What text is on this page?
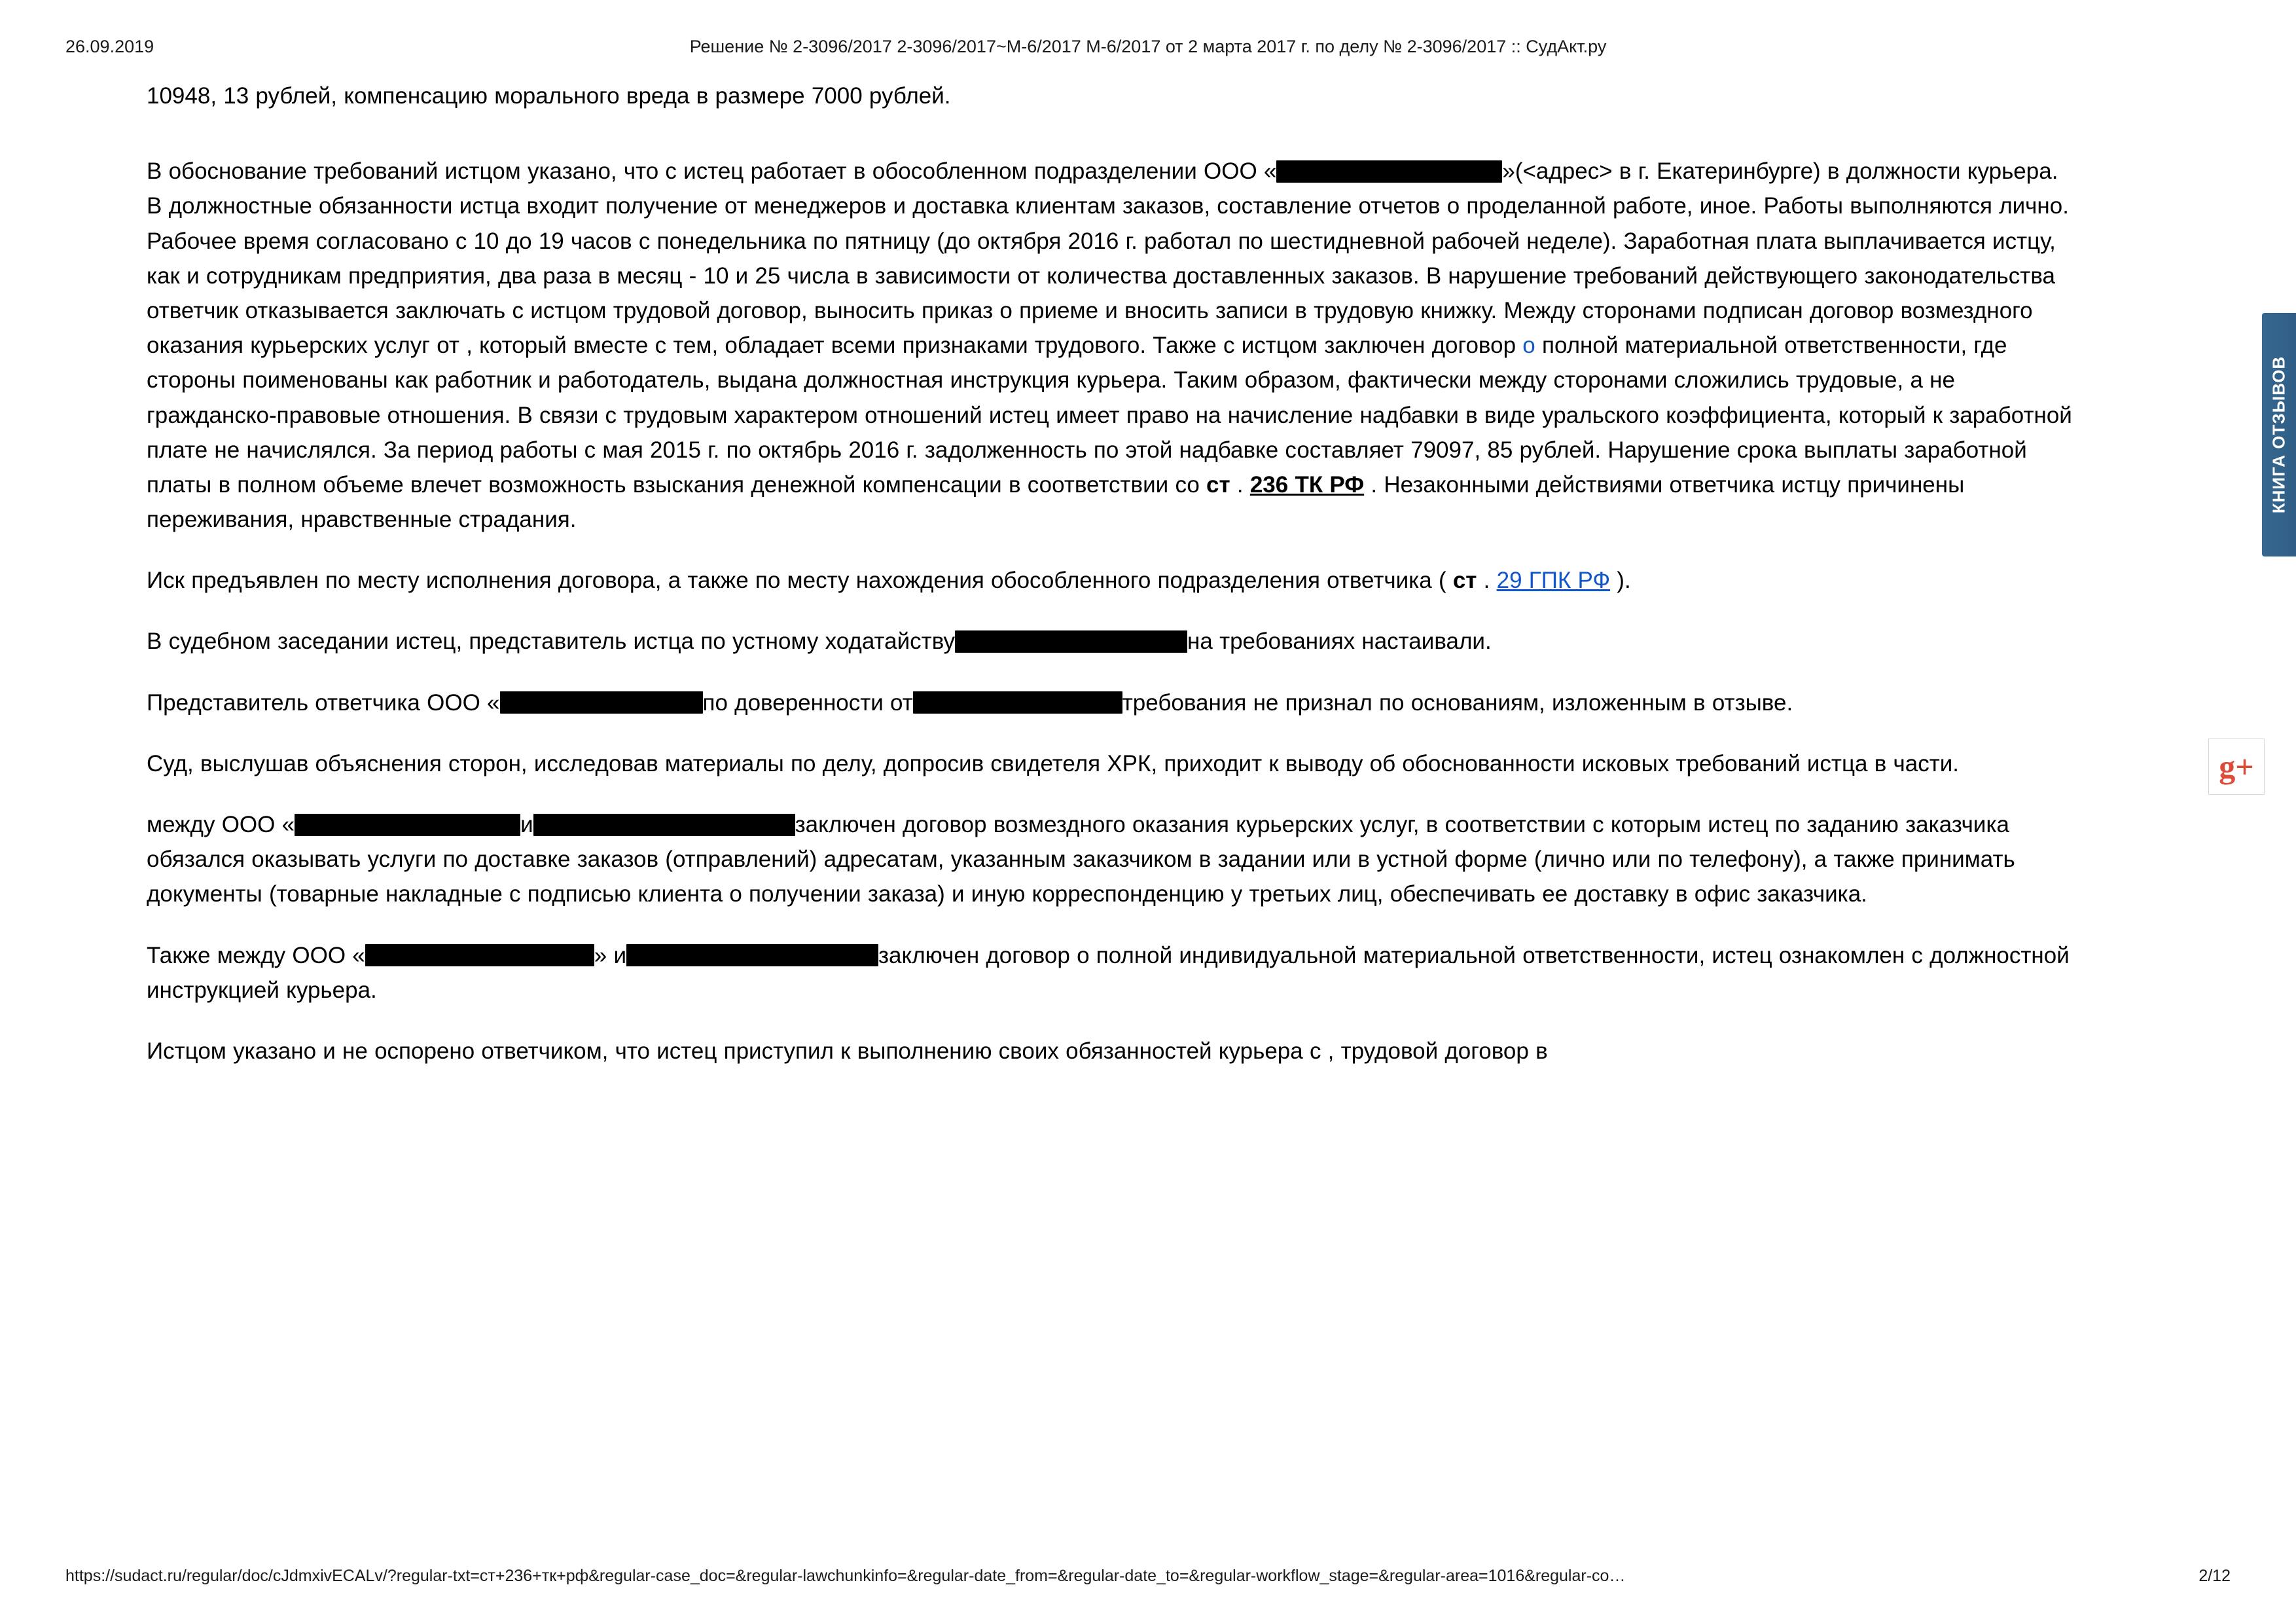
26.09.2019	Решение № 2-3096/2017 2-3096/2017~М-6/2017 М-6/2017 от 2 марта 2017 г. по делу № 2-3096/2017 :: СудАкт.ру

10948, 13 рублей, компенсацию морального вреда в размере 7000 рублей.

В обоснование требований истцом указано, что с истец работает в обособленном подразделении ООО «	»(<адрес> в г. Екатеринбурге) в должности курьера. В должностные обязанности истца входит получение от менеджеров и доставка клиентам заказов, составление отчетов о проделанной работе, иное. Работы выполняются лично. Рабочее время согласовано с 10 до 19 часов с понедельника по пятницу (до октября 2016 г. работал по шестидневной рабочей неделе). Заработная плата выплачивается истцу, как и сотрудникам предприятия, два раза в месяц - 10 и 25 числа в зависимости от количества доставленных заказов. В нарушение требований действующего законодательства ответчик отказывается заключать с истцом трудовой договор, выносить приказ о приеме и вносить записи в трудовую книжку. Между сторонами подписан договор возмездного оказания курьерских услуг от , который вместе с тем, обладает всеми признаками трудового. Также с истцом заключен договор о полной материальной ответственности, где стороны поименованы как работник и работодатель, выдана должностная инструкция курьера. Таким образом, фактически между сторонами сложились трудовые, а не гражданско-правовые отношения. В связи с трудовым характером отношений истец имеет право на начисление надбавки в виде уральского коэффициента, который к заработной плате не начислялся. За период работы с мая 2015 г. по октябрь 2016 г. задолженность по этой надбавке составляет 79097, 85 рублей. Нарушение срока выплаты заработной платы в полном объеме влечет возможность взыскания денежной компенсации в соответствии со ст . 236 ТК РФ . Незаконными действиями ответчика истцу причинены переживания, нравственные страдания.

Иск предъявлен по месту исполнения договора, а также по месту нахождения обособленного подразделения ответчика ( ст . 29 ГПК РФ ).

В судебном заседании истец, представитель истца по устному ходатайству	на требованиях настаивали.

Представитель ответчика ООО «	по доверенности от	требования не признал по основаниям, изложенным в отзыве.

Суд, выслушав объяснения сторон, исследовав материалы по делу, допросив свидетеля ХРК, приходит к выводу об обоснованности исковых требований истца в части.

между ООО «	и	заключен договор возмездного оказания курьерских услуг, в соответствии с которым истец по заданию заказчика обязался оказывать услуги по доставке заказов (отправлений) адресатам, указанным заказчиком в задании или в устной форме (лично или по телефону), а также принимать документы (товарные накладные с подписью клиента о получении заказа) и иную корреспонденцию у третьих лиц, обеспечивать ее доставку в офис заказчика.

Также между ООО «	» и	заключен договор о полной индивидуальной материальной ответственности, истец ознакомлен с должностной инструкцией курьера.

Истцом указано и не оспорено ответчиком, что истец приступил к выполнению своих обязанностей курьера с , трудовой договор в

КНИГА ОТЗЫВОВ
g+
https://sudact.ru/regular/doc/cJdmxivECALv/?regular-txt=ст+236+тк+рф&regular-case_doc=&regular-lawchunkinfo=&regular-date_from=&regular-date_to=&regular-workflow_stage=&regular-area=1016&regular-co…	2/12
